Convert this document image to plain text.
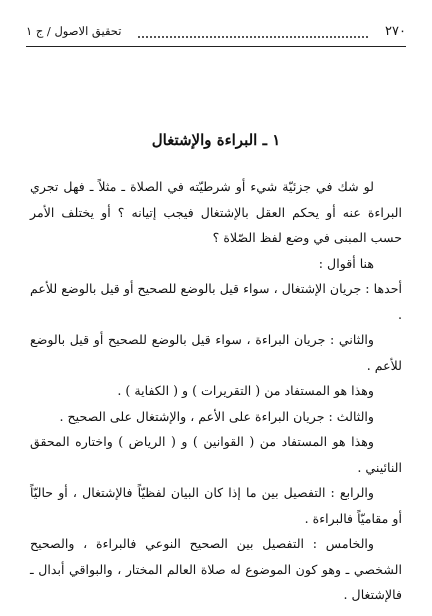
٢٧٠
تحقيق الاصول / ج ١
١ ـ البراءة والإشتغال

لو شك في جزئيّة شيء أو شرطيّته في الصلاة ـ مثلاً ـ فهل تجري البراءة عنه أو يحكم العقل بالإشتغال فيجب إتيانه ؟ أو يختلف الأمر حسب المبنى في وضع لفظ الصّلاة ؟

هنا أقوال :

أحدها : جريان الإشتغال ، سواء قيل بالوضع للصحيح أو قيل بالوضع للأعم .

والثاني : جريان البراءة ، سواء قيل بالوضع للصحيح أو قيل بالوضع للأعم .

وهذا هو المستفاد من ( التقريرات ) و ( الكفاية ) .

والثالث : جريان البراءة على الأعم ، والإشتغال على الصحيح .

وهذا هو المستفاد من ( القوانين ) و ( الرياض ) واختاره المحقق النائيني .

والرابع : التفصيل بين ما إذا كان البيان لفظيّاً فالإشتغال ، أو حاليّاً أو مقاميّاً فالبراءة .

والخامس : التفصيل بين الصحيح النوعي فالبراءة ، والصحيح الشخصي ـ وهو كون الموضوع له صلاة العالم المختار ، والبواقي أبدال ـ فالإشتغال .
